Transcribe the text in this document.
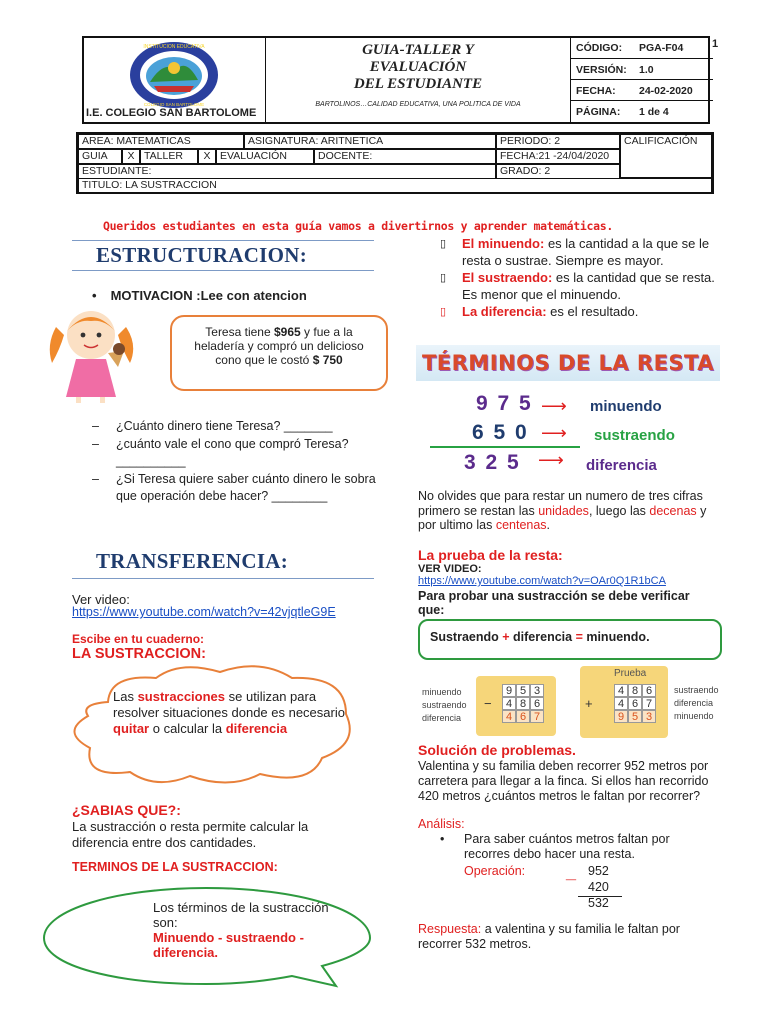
1
INSTITUCION EDUCATIVA
COLEGIO SAN BARTOLOME
I.E. COLEGIO SAN BARTOLOME
GUIA-TALLER Y
EVALUACIÓN
DEL ESTUDIANTE
BARTOLINOS…CALIDAD EDUCATIVA, UNA POLITICA DE VIDA
CÓDIGO:	PGA-F04
VERSIÓN:	1.0
FECHA:	24-02-2020
PÁGINA:	1 de 4
AREA: MATEMATICAS	ASIGNATURA: ARITNETICA	PERIODO: 2	CALIFICACIÓN
GUIA	X TALLER	X EVALUACIÓN	DOCENTE:	FECHA:21 -24/04/2020
ESTUDIANTE:	GRADO: 2
TITULO: LA SUSTRACCION
Queridos estudiantes en esta guía vamos a divertirnos y aprender matemáticas.
ESTRUCTURACION:
• MOTIVACION :Lee con atencion
Teresa tiene $965 y fue a la heladería y compró un delicioso cono que le costó $ 750
–	¿Cuánto dinero tiene Teresa? _______
–	¿cuánto vale el cono que compró Teresa?__________
–	¿Si Teresa quiere saber cuánto dinero le sobra que operación debe hacer? ________
TRANSFERENCIA:
Ver video:
https://www.youtube.com/watch?v=42vjqtleG9E
Escibe en tu cuaderno:
LA SUSTRACCION:
Las sustracciones se utilizan para resolver situaciones donde es necesario quitar o calcular la diferencia
¿SABIAS QUE?:
La sustracción o resta permite calcular la diferencia entre dos cantidades.
TERMINOS DE LA SUSTRACCION:
Los términos de la sustracción son:
Minuendo - sustraendo - diferencia.
▯	El minuendo: es la cantidad a la que se le resta o sustrae. Siempre es mayor.
▯	El sustraendo: es la cantidad que se resta. Es menor que el minuendo.
▯	La diferencia: es el resultado.
TÉRMINOS DE LA RESTA
9 7 5 ⟶ minuendo
6 5 0 ⟶ sustraendo
3 2 5 ⟶ diferencia
No olvides que para restar un numero de tres cifras primero se restan las unidades, luego las decenas y por ultimo las centenas.
La prueba de la resta:
VER VIDEO:
https://www.youtube.com/watch?v=OAr0Q1R1bCA
Para probar una sustracción se debe verificar que:
Sustraendo + diferencia = minuendo.
minuendo
sustraendo
diferencia
−
9 5 3
4 8 6
4 6 7
Prueba
+
4 8 6
4 6 7
9 5 3
sustraendo
diferencia
minuendo
Solución de problemas.
Valentina y su familia deben recorrer 952 metros por carretera para llegar a la finca. Si ellos han recorrido 420 metros ¿cuántos metros le faltan por recorrer?
Análisis:
•	Para saber cuántos metros faltan por recorres debo hacer una resta.
Operación: _ 952
420
532
Respuesta: a valentina y su familia le faltan por recorrer 532 metros.
